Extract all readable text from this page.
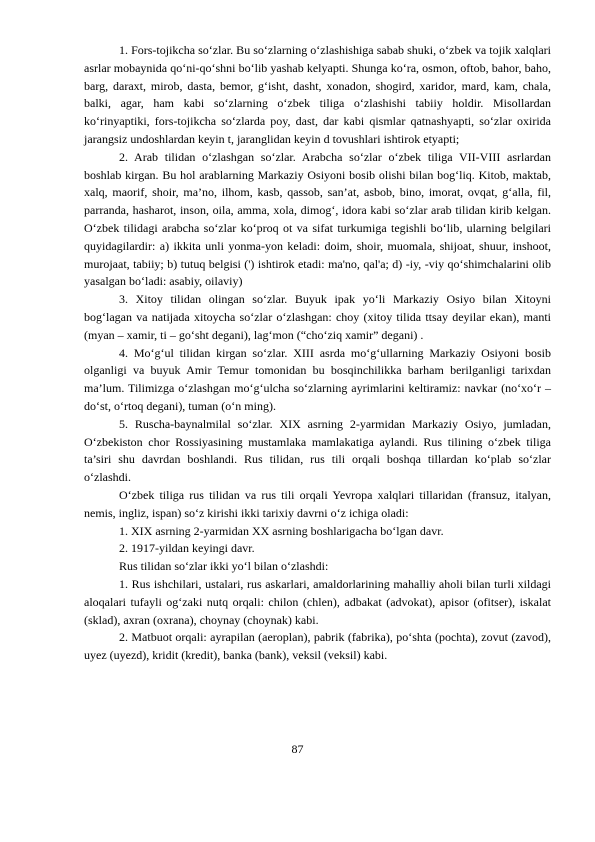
1. Fors-tojikcha so‘zlar. Bu so‘zlarning o‘zlashishiga sabab shuki, o‘zbek va tojik xalqlari asrlar mobaynida qo‘ni-qo‘shni bo‘lib yashab kelyapti. Shunga ko‘ra, osmon, oftob, bahor, baho, barg, daraxt, mirob, dasta, bemor, g‘isht, dasht, xonadon, shogird, xaridor, mard, kam, chala, balki, agar, ham kabi so‘zlarning o‘zbek tiliga o‘zlashishi tabiiy holdir. Misollardan ko‘rinyaptiki, fors-tojikcha so‘zlarda poy, dast, dar kabi qismlar qatnashyapti, so‘zlar oxirida jarangsiz undoshlardan keyin t, jaranglidan keyin d tovushlari ishtirok etyapti;

2. Arab tilidan o‘zlashgan so‘zlar. Arabcha so‘zlar o‘zbek tiliga VII-VIII asrlardan boshlab kirgan. Bu hol arablarning Markaziy Osiyoni bosib olishi bilan bog‘liq. Kitob, maktab, xalq, maorif, shoir, ma’no, ilhom, kasb, qassob, san’at, asbob, bino, imorat, ovqat, g‘alla, fil, parranda, hasharot, inson, oila, amma, xola, dimog‘, idora kabi so‘zlar arab tilidan kirib kelgan. O‘zbek tilidagi arabcha so‘zlar ko‘proq ot va sifat turkumiga tegishli bo‘lib, ularning belgilari quyidagilardir: a) ikkita unli yonma-yon keladi: doim, shoir, muomala, shijoat, shuur, inshoot, murojaat, tabiiy; b) tutuq belgisi (') ishtirok etadi: ma'no, qal'a; d) -iy, -viy qo‘shimchalarini olib yasalgan bo‘ladi: asabiy, oilaviy)

3. Xitoy tilidan olingan so‘zlar. Buyuk ipak yo‘li Markaziy Osiyo bilan Xitoyni bog‘lagan va natijada xitoycha so‘zlar o‘zlashgan: choy (xitoy tilida ttsay deyilar ekan), manti (myan – xamir, ti – go‘sht degani), lag‘mon (“cho‘ziq xamir” degani) .

4. Mo‘g‘ul tilidan kirgan so‘zlar. XIII asrda mo‘g‘ullarning Markaziy Osiyoni bosib olganligi va buyuk Amir Temur tomonidan bu bosqinchilikka barham berilganligi tarixdan ma’lum. Tilimizga o‘zlashgan mo‘g‘ulcha so‘zlarning ayrimlarini keltiramiz: navkar (no‘xo‘r – do‘st, o‘rtoq degani), tuman (o‘n ming).

5. Ruscha-baynalmilal so‘zlar. XIX asrning 2-yarmidan Markaziy Osiyo, jumladan, O‘zbekiston chor Rossiyasining mustamlaka mamlakatiga aylandi. Rus tilining o‘zbek tiliga ta’siri shu davrdan boshlandi. Rus tilidan, rus tili orqali boshqa tillardan ko‘plab so‘zlar o‘zlashdi.

O‘zbek tiliga rus tilidan va rus tili orqali Yevropa xalqlari tillaridan (fransuz, italyan, nemis, ingliz, ispan) so‘z kirishi ikki tarixiy davrni o‘z ichiga oladi:

1. XIX asrning 2-yarmidan XX asrning boshlarigacha bo‘lgan davr.

2. 1917-yildan keyingi davr.

Rus tilidan so‘zlar ikki yo‘l bilan o‘zlashdi:

1. Rus ishchilari, ustalari, rus askarlari, amaldorlarining mahalliy aholi bilan turli xildagi aloqalari tufayli og‘zaki nutq orqali: chilon (chlen), adbakat (advokat), apisor (ofitser), iskalat (sklad), axran (oxrana), choynay (choynak) kabi.

2. Matbuot orqali: ayrapilan (aeroplan), pabrik (fabrika), po‘shta (pochta), zovut (zavod), uyez (uyezd), kridit (kredit), banka (bank), veksil (veksil) kabi.

87
